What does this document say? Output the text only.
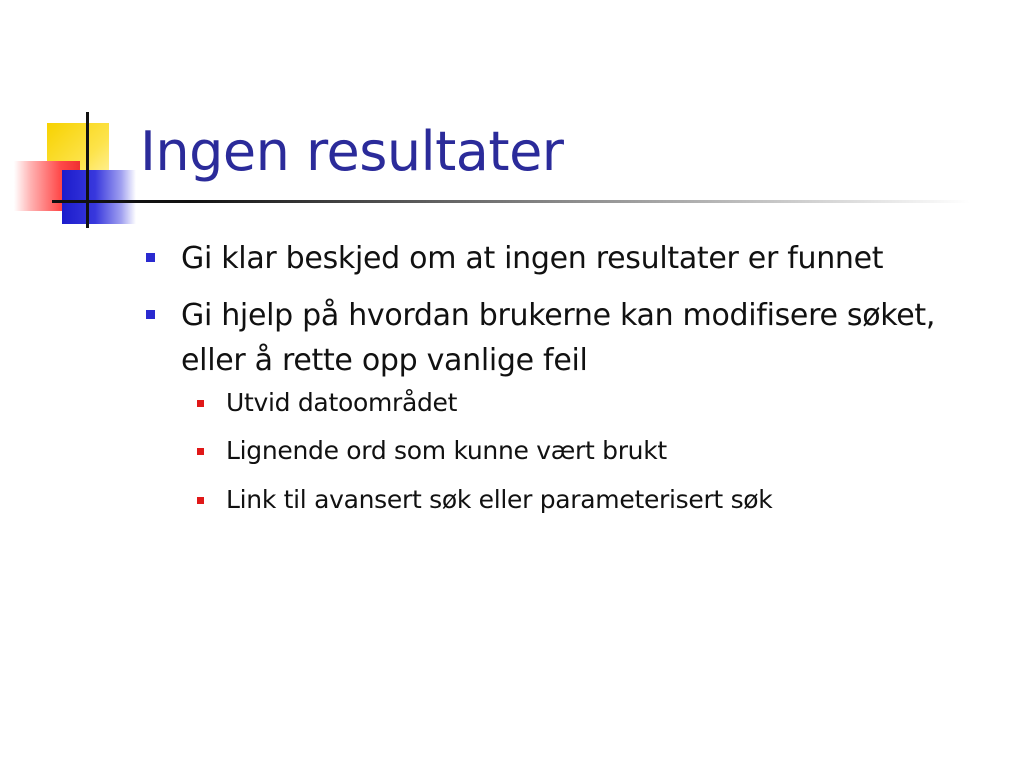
Ingen resultater
Gi klar beskjed om at ingen resultater er funnet
Gi hjelp på hvordan brukerne kan modifisere søket, eller å rette opp vanlige feil
Utvid datoområdet
Lignende ord som kunne vært brukt
Link til avansert søk eller parameterisert søk
